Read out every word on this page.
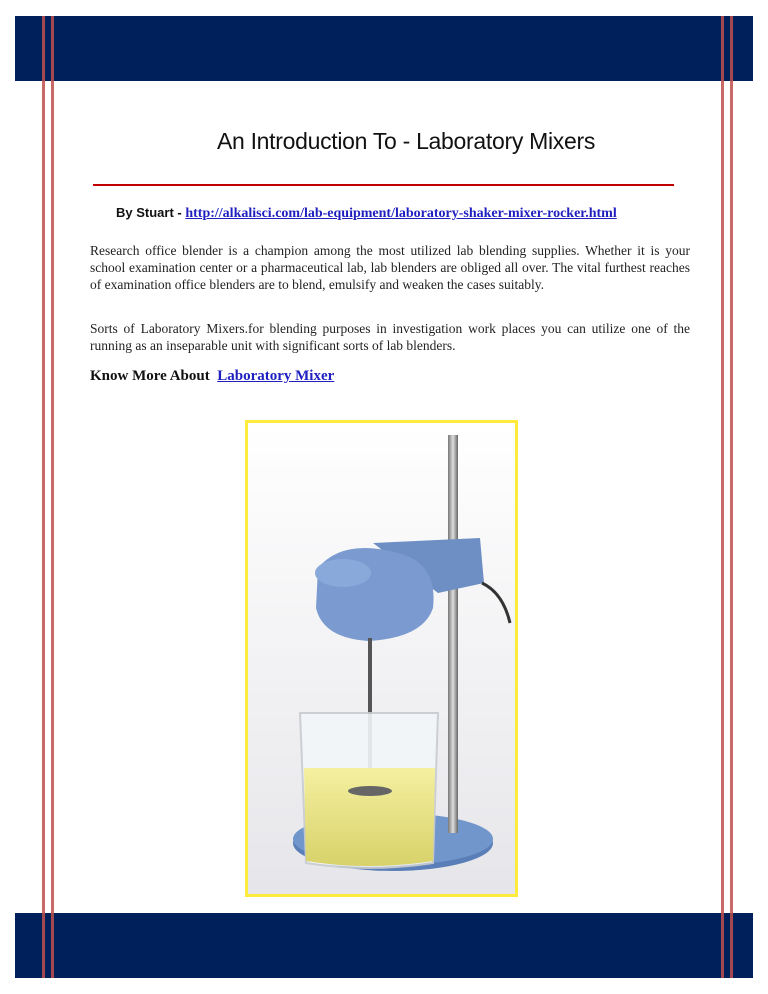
An Introduction To - Laboratory Mixers
By Stuart - http://alkalisci.com/lab-equipment/laboratory-shaker-mixer-rocker.html
Research office blender is a champion among the most utilized lab blending supplies. Whether it is your school examination center or a pharmaceutical lab, lab blenders are obliged all over. The vital furthest reaches of examination office blenders are to blend, emulsify and weaken the cases suitably.
Sorts of Laboratory Mixers.for blending purposes in investigation work places you can utilize one of the running as an inseparable unit with significant sorts of lab blenders.
Know More About Laboratory Mixer
